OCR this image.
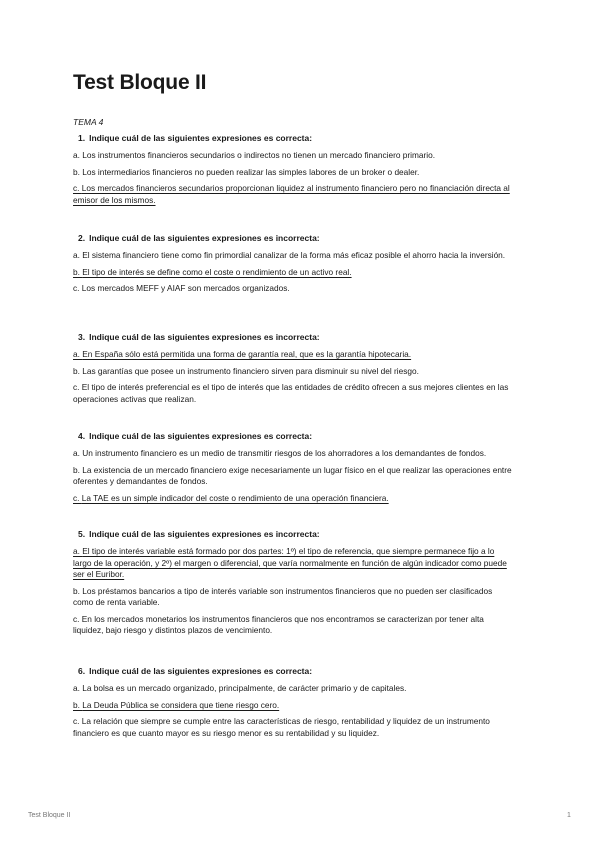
Test Bloque II
TEMA 4
1. Indique cuál de las siguientes expresiones es correcta:
a. Los instrumentos financieros secundarios o indirectos no tienen un mercado financiero primario.
b. Los intermediarios financieros no pueden realizar las simples labores de un broker o dealer.
c. Los mercados financieros secundarios proporcionan liquidez al instrumento financiero pero no financiación directa al emisor de los mismos.
2. Indique cuál de las siguientes expresiones es incorrecta:
a. El sistema financiero tiene como fin primordial canalizar de la forma más eficaz posible el ahorro hacia la inversión.
b. El tipo de interés se define como el coste o rendimiento de un activo real.
c. Los mercados MEFF y AIAF son mercados organizados.
3. Indique cuál de las siguientes expresiones es incorrecta:
a. En España sólo está permitida una forma de garantía real, que es la garantía hipotecaria.
b. Las garantías que posee un instrumento financiero sirven para disminuir su nivel del riesgo.
c. El tipo de interés preferencial es el tipo de interés que las entidades de crédito ofrecen a sus mejores clientes en las operaciones activas que realizan.
4. Indique cuál de las siguientes expresiones es correcta:
a. Un instrumento financiero es un medio de transmitir riesgos de los ahorradores a los demandantes de fondos.
b. La existencia de un mercado financiero exige necesariamente un lugar físico en el que realizar las operaciones entre oferentes y demandantes de fondos.
c. La TAE es un simple indicador del coste o rendimiento de una operación financiera.
5. Indique cuál de las siguientes expresiones es incorrecta:
a. El tipo de interés variable está formado por dos partes: 1º) el tipo de referencia, que siempre permanece fijo a lo largo de la operación, y 2º) el margen o diferencial, que varía normalmente en función de algún indicador como puede ser el Euribor.
b. Los préstamos bancarios a tipo de interés variable son instrumentos financieros que no pueden ser clasificados como de renta variable.
c. En los mercados monetarios los instrumentos financieros que nos encontramos se caracterizan por tener alta liquidez, bajo riesgo y distintos plazos de vencimiento.
6. Indique cuál de las siguientes expresiones es correcta:
a. La bolsa es un mercado organizado, principalmente, de carácter primario y de capitales.
b. La Deuda Pública se considera que tiene riesgo cero.
c. La relación que siempre se cumple entre las características de riesgo, rentabilidad y liquidez de un instrumento financiero es que cuanto mayor es su riesgo menor es su rentabilidad y su liquidez.
Test Bloque II	1
